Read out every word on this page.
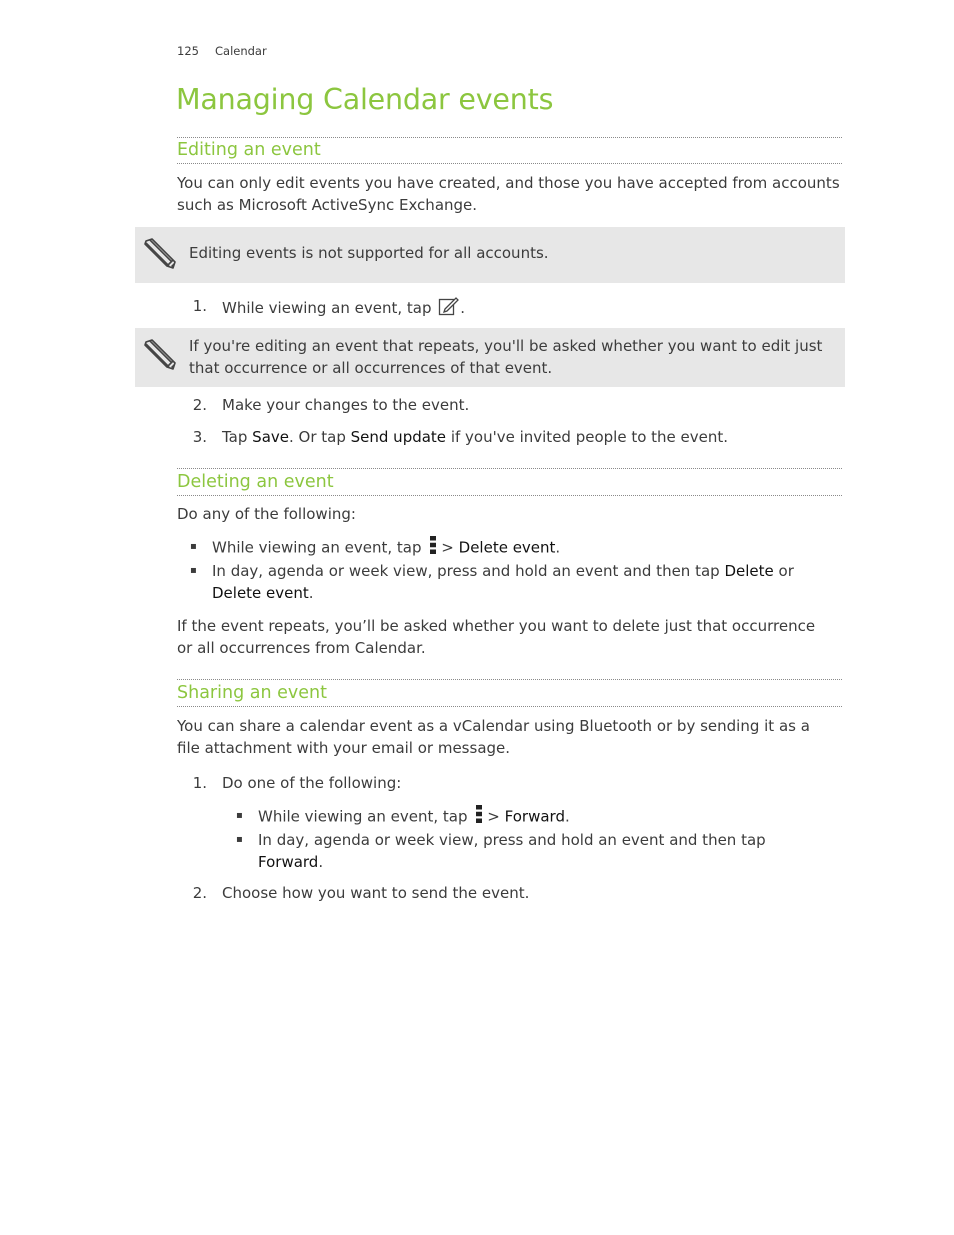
125 Calendar
Managing Calendar events
Editing an event
You can only edit events you have created, and those you have accepted from accounts such as Microsoft ActiveSync Exchange.
Editing events is not supported for all accounts.
1. While viewing an event, tap .
If you're editing an event that repeats, you'll be asked whether you want to edit just that occurrence or all occurrences of that event.
2. Make your changes to the event.
3. Tap Save. Or tap Send update if you've invited people to the event.
Deleting an event
Do any of the following:
▪ While viewing an event, tap > Delete event.
▪ In day, agenda or week view, press and hold an event and then tap Delete or
Delete event.
If the event repeats, you’ll be asked whether you want to delete just that occurrence or all occurrences from Calendar.
Sharing an event
You can share a calendar event as a vCalendar using Bluetooth or by sending it as a file attachment with your email or message.
1. Do one of the following:
▪ While viewing an event, tap > Forward.
▪ In day, agenda or week view, press and hold an event and then tap
Forward.
2. Choose how you want to send the event.
